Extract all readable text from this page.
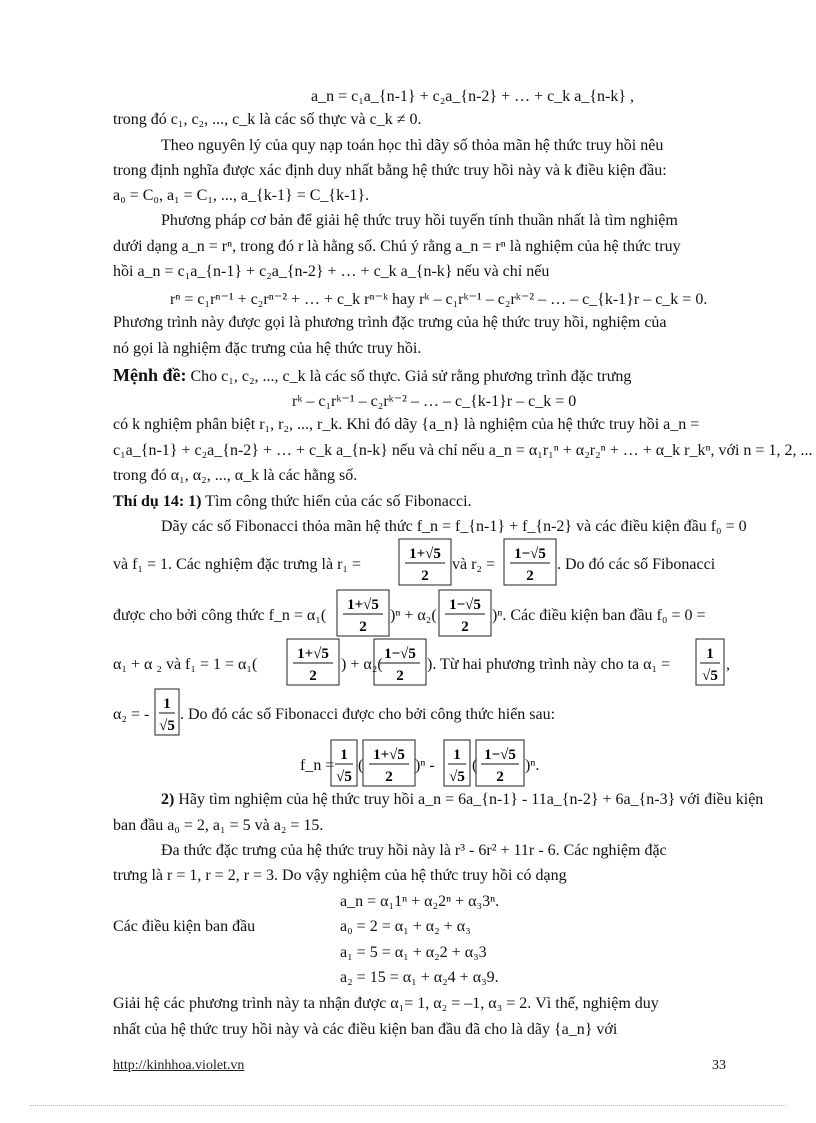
a_n = c₁a_{n-1} + c₂a_{n-2} + … + c_k a_{n-k} ,
trong đó c₁, c₂, ..., c_k là các số thực và c_k ≠ 0.
Theo nguyên lý của quy nạp toán học thì dãy số thỏa mãn hệ thức truy hồi nêu
trong định nghĩa được xác định duy nhất bằng hệ thức truy hồi này và k điều kiện đầu:
a₀ = C₀, a₁ = C₁, ..., a_{k-1} = C_{k-1}.
Phương pháp cơ bản để giải hệ thức truy hồi tuyến tính thuần nhất là tìm nghiệm
dưới dạng a_n = rⁿ, trong đó r là hằng số. Chú ý rằng a_n = rⁿ là nghiệm của hệ thức truy
hồi a_n = c₁a_{n-1} + c₂a_{n-2} + … + c_k a_{n-k} nếu và chỉ nếu
rⁿ = c₁rⁿ⁻¹ + c₂rⁿ⁻² + … + c_k rⁿ⁻ᵏ hay rᵏ – c₁rᵏ⁻¹ – c₂rᵏ⁻² – … – c_{k-1}r – c_k = 0.
Phương trình này được gọi là phương trình đặc trưng của hệ thức truy hồi, nghiệm của
nó gọi là nghiệm đặc trưng của hệ thức truy hồi.
Mệnh đề: Cho c₁, c₂, ..., c_k là các số thực. Giả sử rằng phương trình đặc trưng
rᵏ – c₁rᵏ⁻¹ – c₂rᵏ⁻² – … – c_{k-1}r – c_k = 0
có k nghiệm phân biệt r₁, r₂, ..., r_k. Khi đó dãy {a_n} là nghiệm của hệ thức truy hồi a_n =
c₁a_{n-1} + c₂a_{n-2} + … + c_k a_{n-k} nếu và chỉ nếu a_n = α₁r₁ⁿ + α₂r₂ⁿ + … + α_k r_kⁿ, với n = 1, 2, ...
trong đó α₁, α₂, ..., α_k là các hằng số.
Thí dụ 14: 1) Tìm công thức hiển của các số Fibonacci.
Dãy các số Fibonacci thỏa mãn hệ thức f_n = f_{n-1} + f_{n-2} và các điều kiện đầu f₀ = 0
và f₁ = 1. Các nghiệm đặc trưng là r₁ =	và r₂ =	. Do đó các số Fibonacci
được cho bởi công thức f_n = α₁(	)ⁿ + α₂(	)ⁿ. Các điều kiện ban đầu f₀ = 0 =
α₁ + α ₂ và f₁ = 1 = α₁(	) + α₂(	). Từ hai phương trình này cho ta α₁ =	,
α₂ = - . Do đó các số Fibonacci được cho bởi công thức hiển sau:
f_n = (	)ⁿ - (	)ⁿ.
2) Hãy tìm nghiệm của hệ thức truy hồi a_n = 6a_{n-1} - 11a_{n-2} + 6a_{n-3} với điều kiện
ban đầu a₀ = 2, a₁ = 5 và a₂ = 15.
Đa thức đặc trưng của hệ thức truy hồi này là r³ - 6r² + 11r - 6. Các nghiệm đặc
trưng là r = 1, r = 2, r = 3. Do vậy nghiệm của hệ thức truy hồi có dạng
a_n = α₁1ⁿ + α₂2ⁿ + α₃3ⁿ.
Các điều kiện ban đầu	a₀ = 2 = α₁ + α₂ + α₃
a₁ = 5 = α₁ + α₂2 + α₃3
a₂ = 15 = α₁ + α₂4 + α₃9.
Giải hệ các phương trình này ta nhận được α₁= 1, α₂ = –1, α₃ = 2. Vì thế, nghiệm duy
nhất của hệ thức truy hồi này và các điều kiện ban đầu đã cho là dãy {a_n} với
1+√5
2
1−√5
2
1+√5
2
1−√5
2
1+√5
2
1−√5
2
1
√5
1
√5
1
√5
1+√5
2
1
√5
1−√5
2
http://kinhhoa.violet.vn	33
